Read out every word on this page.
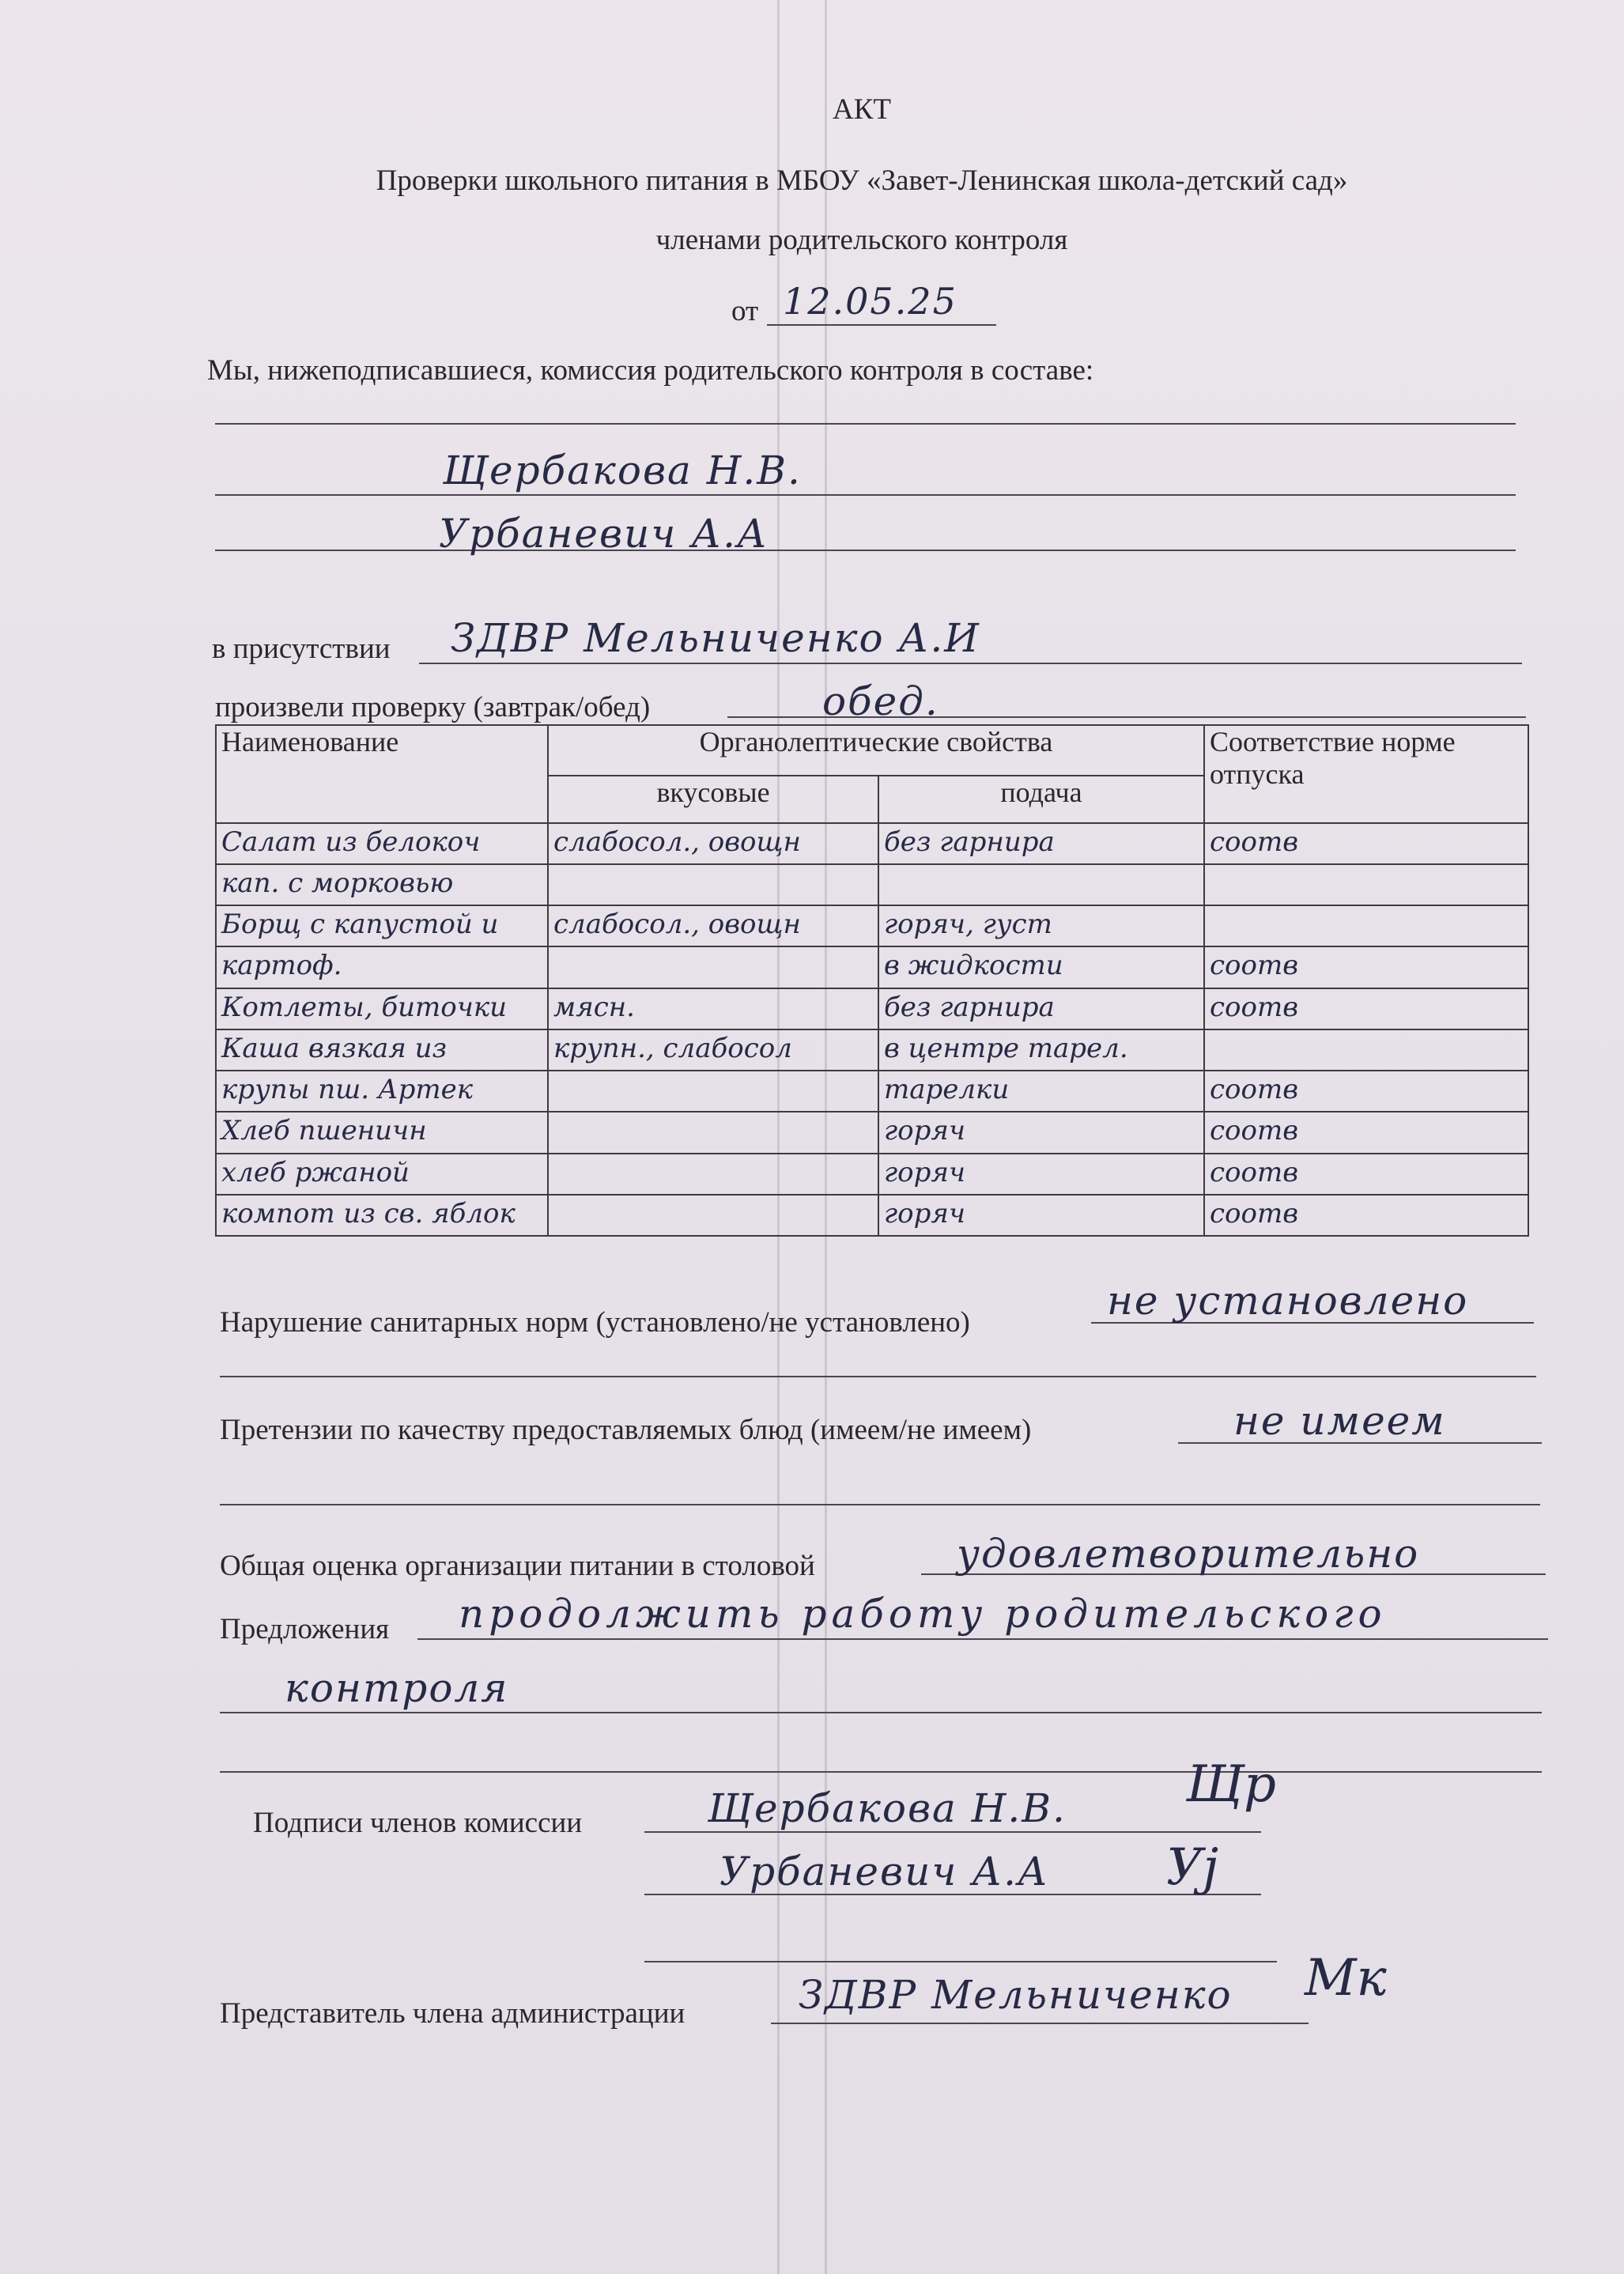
АКТ
Проверки школьного питания в МБОУ «Завет-Ленинская школа-детский сад»
членами родительского контроля
от 12.05.25
Мы, нижеподписавшиеся, комиссия родительского контроля в составе:
Щербакова Н.В.
Урбаневич А.А
в присутствии ЗДВР Мельниченко А.И
произвели проверку (завтрак/обед)	обед.
Наименование	Органолептические свойства		Соответствие норме отпуска
	вкусовые	подача	
Салат из белокоч	слабосол., овощн	без гарнира	соотв
кап. с морковью			
Борщ с капустой и	слабосол., овощн	горяч, густ	
картоф.		в жидкости	соотв
Котлеты, биточки	мясн.	без гарнира	соотв
Каша вязкая из	крупн., слабосол	в центре тарел.	
крупы пш. Артек		тарелки	соотв
Хлеб пшеничн		горяч	соотв
хлеб ржаной		горяч	соотв
компот из св. яблок		горяч	соотв
Нарушение санитарных норм (установлено/не установлено)	не установлено
Претензии по качеству предоставляемых блюд (имеем/не имеем)	не имеем
Общая оценка организации питании в столовой	удовлетворительно
Предложения продолжить работу родительского
контроля
Подписи членов комиссии	Щербакова Н.В. Щр
Урбаневич А.А Уј
Представитель члена администрации	ЗДВР Мельниченко Мк
